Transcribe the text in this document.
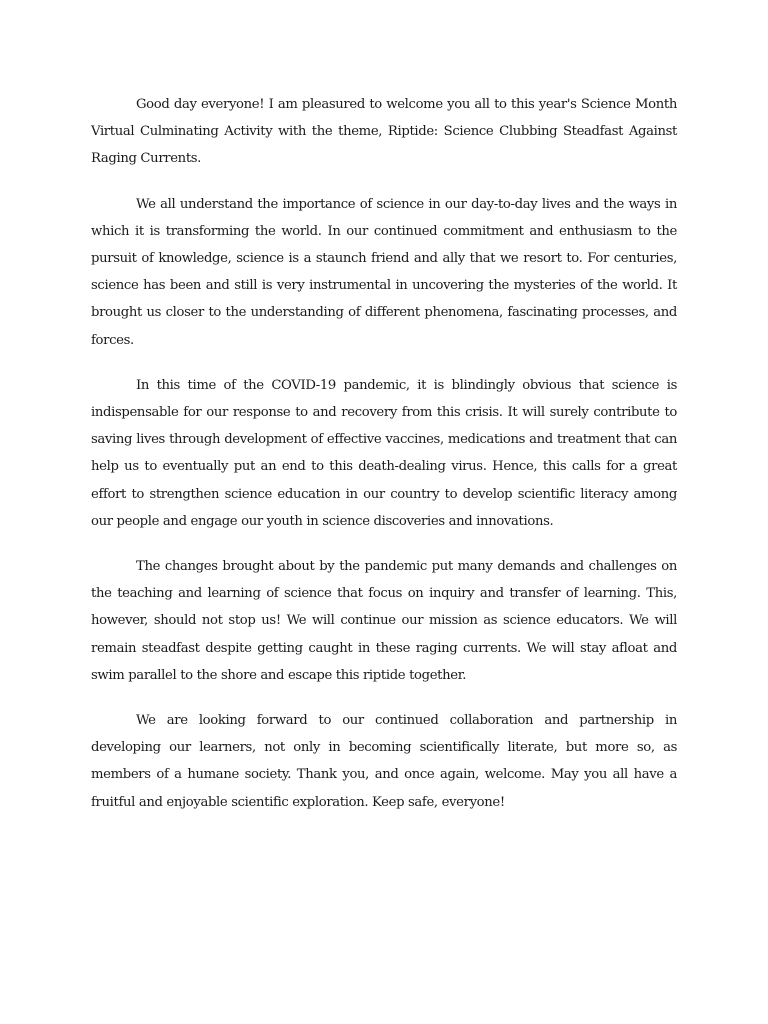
Good day everyone! I am pleasured to welcome you all to this year's Science Month Virtual Culminating Activity with the theme, Riptide: Science Clubbing Steadfast Against Raging Currents.

We all understand the importance of science in our day-to-day lives and the ways in which it is transforming the world. In our continued commitment and enthusiasm to the pursuit of knowledge, science is a staunch friend and ally that we resort to. For centuries, science has been and still is very instrumental in uncovering the mysteries of the world. It brought us closer to the understanding of different phenomena, fascinating processes, and forces.

In this time of the COVID-19 pandemic, it is blindingly obvious that science is indispensable for our response to and recovery from this crisis. It will surely contribute to saving lives through development of effective vaccines, medications and treatment that can help us to eventually put an end to this death-dealing virus. Hence, this calls for a great effort to strengthen science education in our country to develop scientific literacy among our people and engage our youth in science discoveries and innovations.

The changes brought about by the pandemic put many demands and challenges on the teaching and learning of science that focus on inquiry and transfer of learning. This, however, should not stop us! We will continue our mission as science educators. We will remain steadfast despite getting caught in these raging currents. We will stay afloat and swim parallel to the shore and escape this riptide together.

We are looking forward to our continued collaboration and partnership in developing our learners, not only in becoming scientifically literate, but more so, as members of a humane society. Thank you, and once again, welcome. May you all have a fruitful and enjoyable scientific exploration. Keep safe, everyone!
